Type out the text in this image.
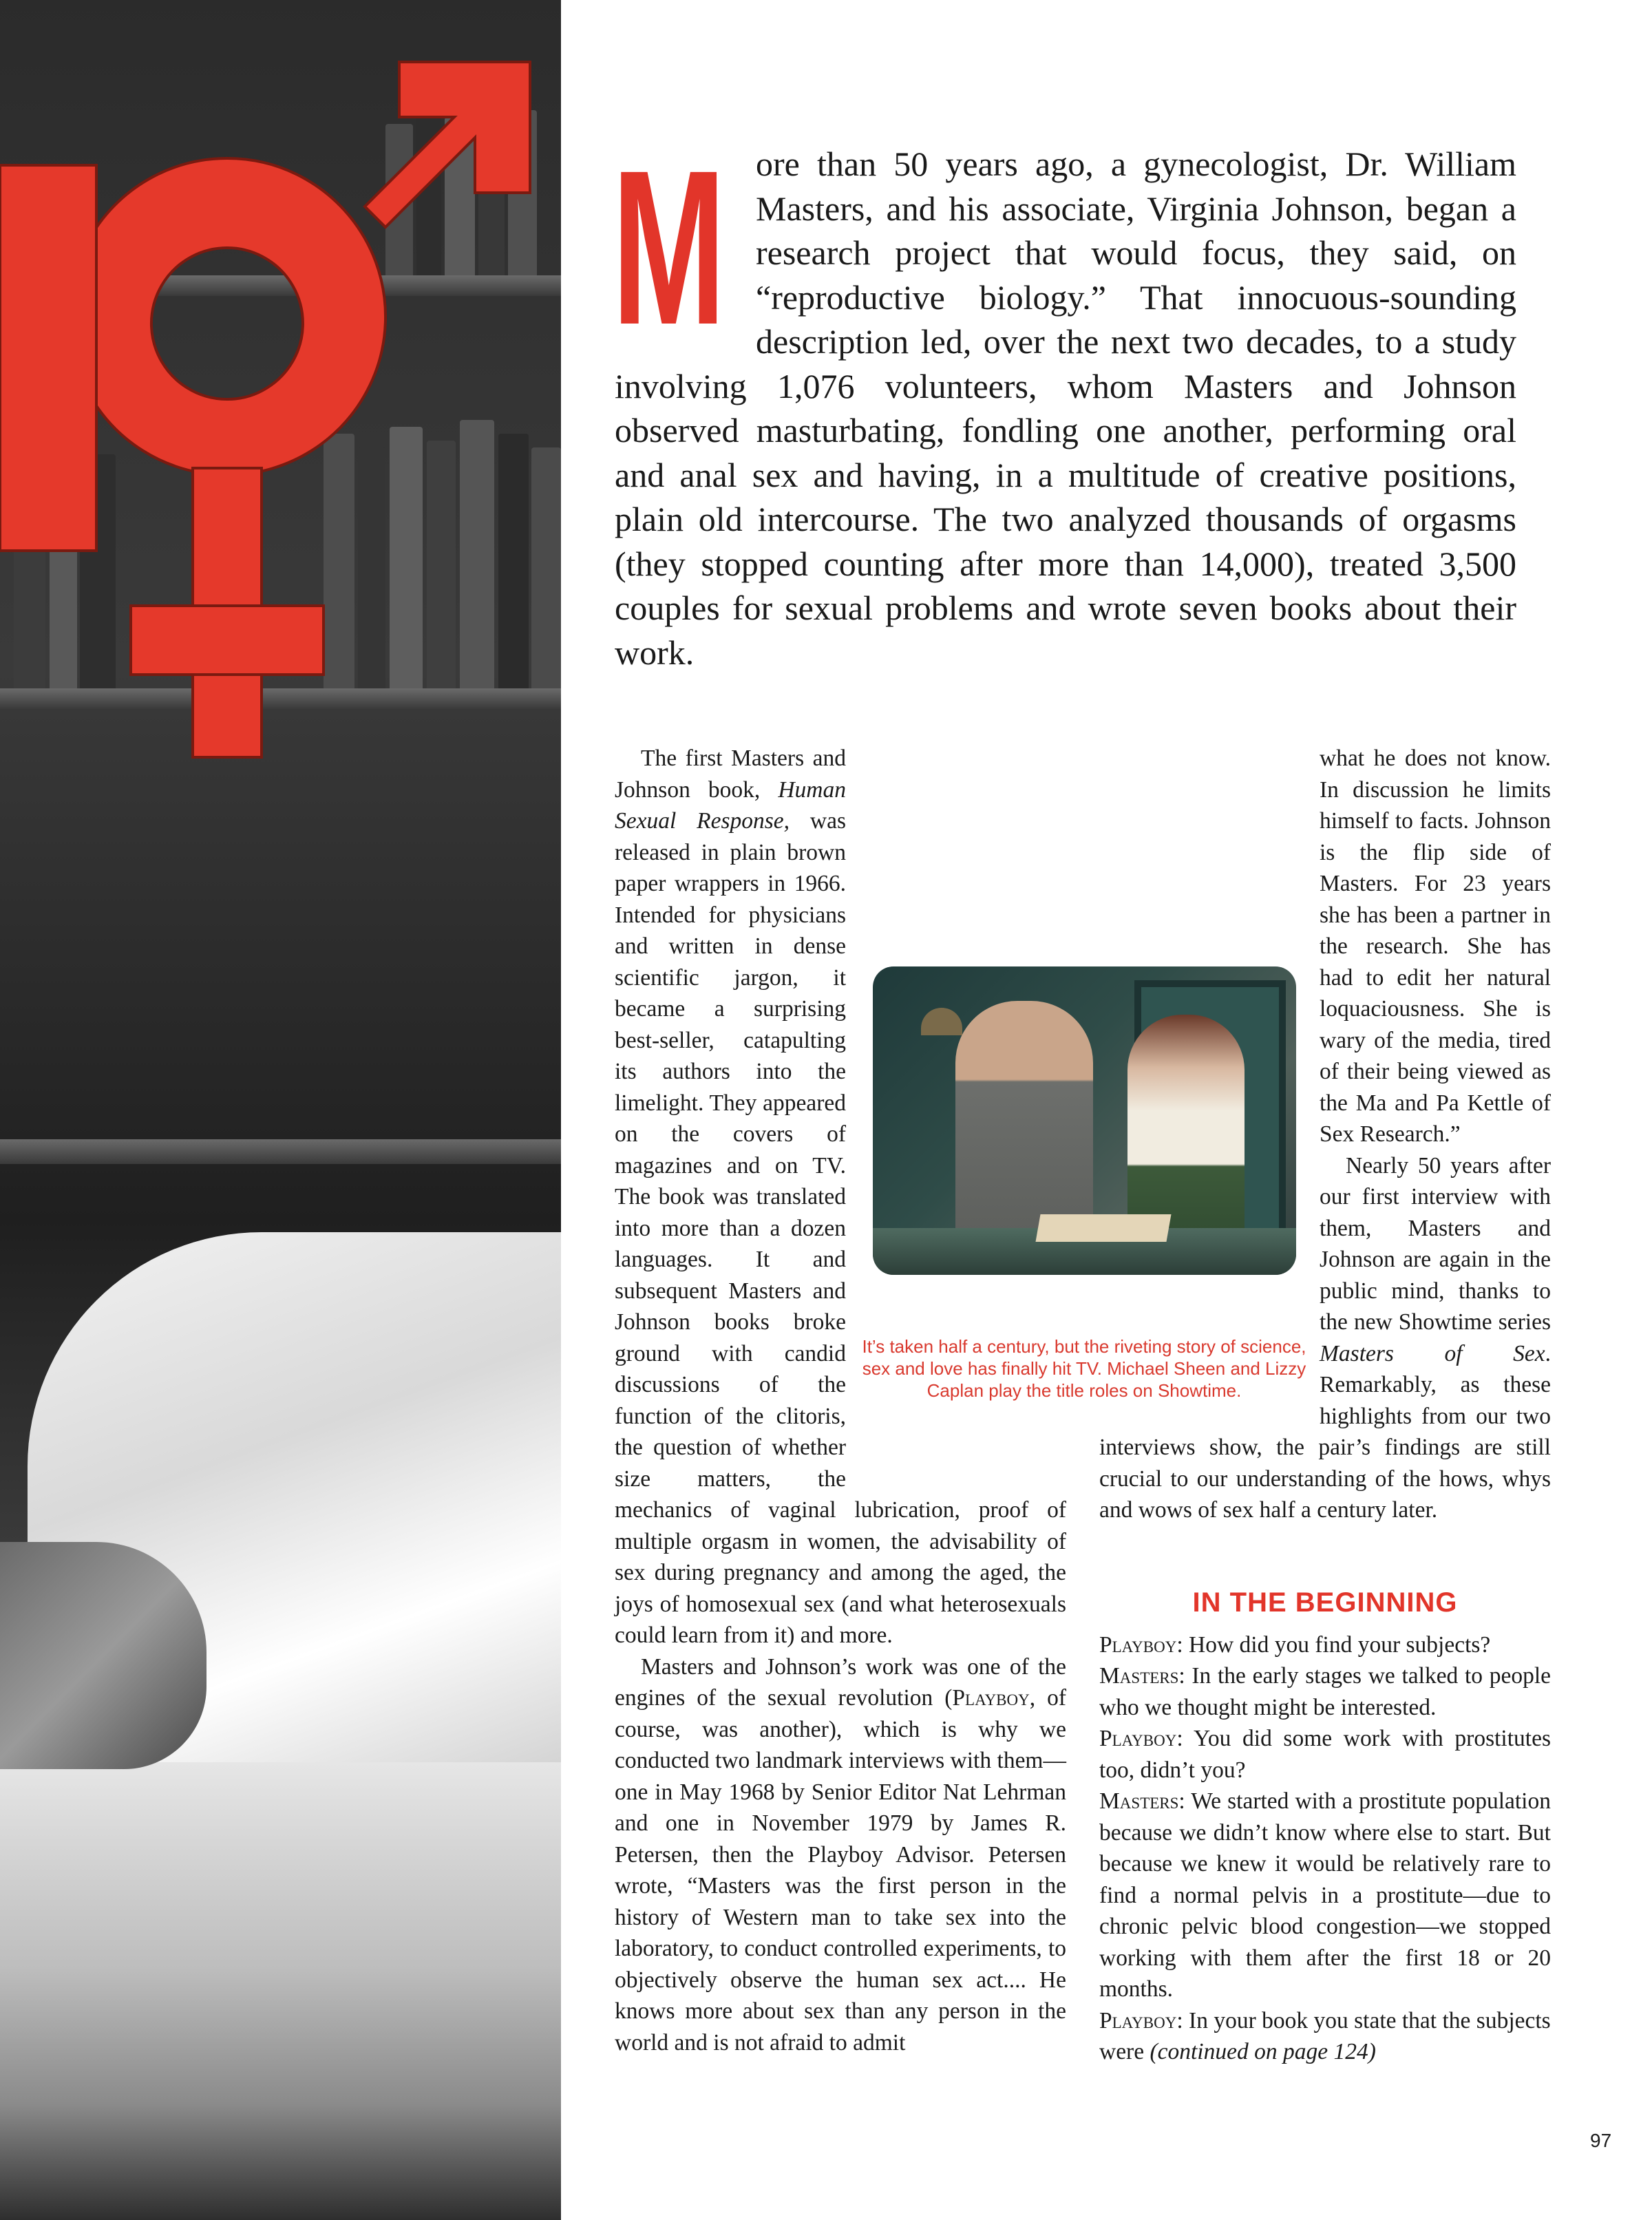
More than 50 years ago, a gynecologist, Dr. William Masters, and his associate, Virginia Johnson, began a research project that would focus, they said, on “reproductive biology.” That innocuous-sounding description led, over the next two decades, to a study involving 1,076 volunteers, whom Masters and Johnson observed masturbating, fondling one another, performing oral and anal sex and having, in a multitude of creative positions, plain old intercourse. The two analyzed thousands of orgasms (they stopped counting after more than 14,000), treated 3,500 couples for sexual problems and wrote seven books about their work.

The first Masters and Johnson book, Human Sexual Response, was released in plain brown paper wrappers in 1966. Intended for physicians and written in dense scientific jargon, it became a surprising best-seller, catapulting its authors into the limelight. They appeared on the covers of magazines and on TV. The book was translated into more than a dozen languages. It and subsequent Masters and Johnson books broke ground with candid discussions of the function of the clitoris, the question of whether size matters, the mechanics of vaginal lubrication, proof of multiple orgasm in women, the advisability of sex during pregnancy and among the aged, the joys of homosexual sex (and what heterosexuals could learn from it) and more.

Masters and Johnson’s work was one of the engines of the sexual revolution (Playboy, of course, was another), which is why we conducted two landmark interviews with them—one in May 1968 by Senior Editor Nat Lehrman and one in November 1979 by James R. Petersen, then the Playboy Advisor. Petersen wrote, “Masters was the first person in the history of Western man to take sex into the laboratory, to conduct controlled experiments, to objectively observe the human sex act.... He knows more about sex than any person in the world and is not afraid to admit

what he does not know. In discussion he limits himself to facts. Johnson is the flip side of Masters. For 23 years she has been a partner in the research. She has had to edit her natural loquaciousness. She is wary of the media, tired of their being viewed as the Ma and Pa Kettle of Sex Research.”

Nearly 50 years after our first interview with them, Masters and Johnson are again in the public mind, thanks to the new Showtime series Masters of Sex. Remarkably, as these highlights from our two interviews show, the pair’s findings are still crucial to our understanding of the hows, whys and wows of sex half a century later.

Playboy: How did you find your subjects?

Masters: In the early stages we talked to people who we thought might be interested.

Playboy: You did some work with prostitutes too, didn’t you?

Masters: We started with a prostitute population because we didn’t know where else to start. But because we knew it would be relatively rare to find a normal pelvis in a prostitute—due to chronic pelvic blood congestion—we stopped working with them after the first 18 or 20 months.

Playboy: In your book you state that the subjects were (continued on page 124)

It’s taken half a century, but the riveting story of science, sex and love has finally hit TV. Michael Sheen and Lizzy Caplan play the title roles on Showtime.
IN THE BEGINNING
97
